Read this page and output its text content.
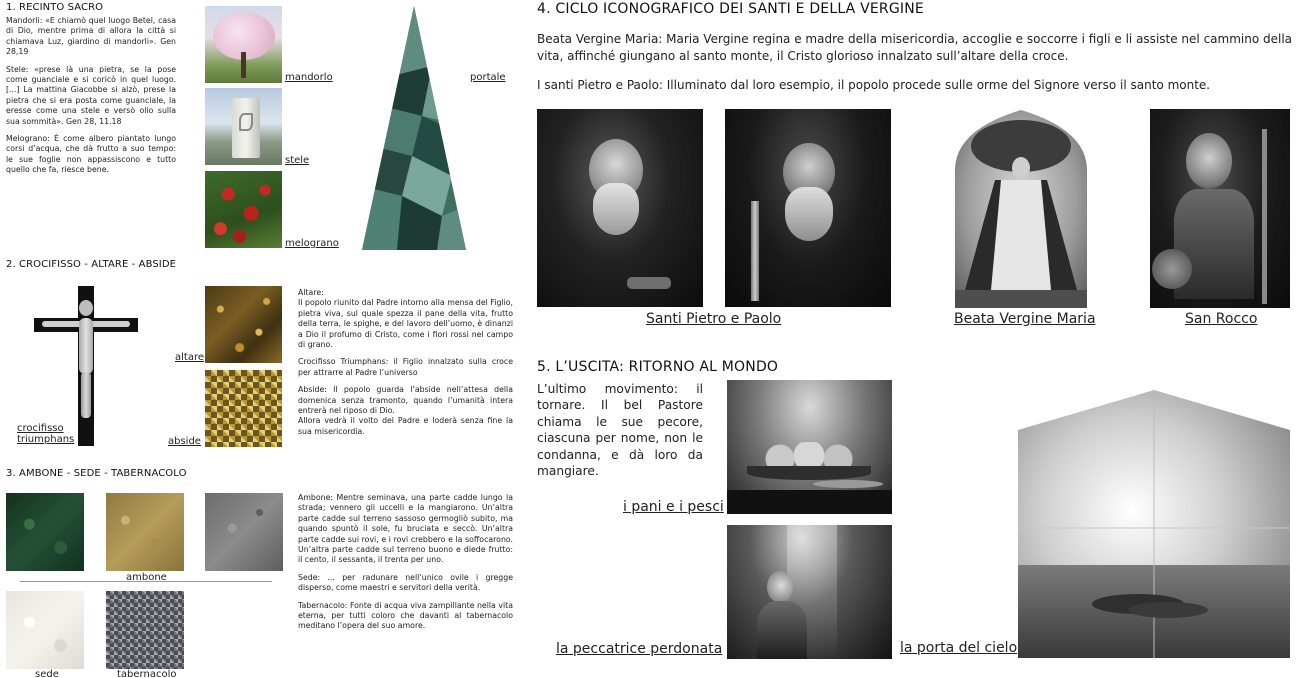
1. RECINTO SACRO
Mandorli: «E chiamò quel luogo Betel, casa di Dio, mentre prima di allora la città si chiamava Luz, giardino di mandorli». Gen 28,19
Stele: «prese là una pietra, se la pose come guanciale e si coricò in quel luogo. [...] La mattina Giacobbe si alzò, prese la pietra che si era posta come guanciale, la eresse come una stele e versò olio sulla sua sommità». Gen 28, 11.18
Melograno: È come albero piantato lungo corsi d’acqua, che dà frutto a suo tempo: le sue foglie non appassiscono e tutto quello che fa, riesce bene.
mandorlo
stele
melograno
portale
2. CROCIFISSO - ALTARE - ABSIDE
crocifisso
triumphans
altare
abside
Altare:
Il popolo riunito dal Padre intorno alla mensa del Figlio, pietra viva, sul quale spezza il pane della vita, frutto della terra, le spighe, e del lavoro dell’uomo, è dinanzi a Dio il profumo di Cristo, come i fiori rossi nel campo di grano.
Crocifisso Triumphans: il Figlio innalzato sulla croce per attrarre al Padre l’universo
Abside: Il popolo guarda l’abside nell’attesa della domenica senza tramonto, quando l’umanità intera entrerà nel riposo di Dio.
Allora vedrà il volto del Padre e loderà senza fine la sua misericordia.
3. AMBONE - SEDE - TABERNACOLO
ambone
sede	tabernacolo
Ambone: Mentre seminava, una parte cadde lungo la strada; vennero gli uccelli e la mangiarono. Un’altra parte cadde sul terreno sassoso germogliò subito, ma quando spuntò il sole, fu bruciata e seccò. Un’altra parte cadde sui rovi, e i rovi crebbero e la soffocarono. Un’altra parte cadde sul terreno buono e diede frutto: il cento, il sessanta, il trenta per uno.
Sede: ... per radunare nell’unico ovile i gregge disperso, come maestri e servitori della verità.
Tabernacolo: Fonte di acqua viva zampillante nella vita eterna, per tutti coloro che davanti al tabernacolo meditano l’opera del suo amore.
4. CICLO ICONOGRAFICO DEI SANTI E DELLA VERGINE
Beata Vergine Maria: Maria Vergine regina e madre della misericordia, accoglie e soccorre i figli e li assiste nel cammino della vita, affinché giungano al santo monte, il Cristo glorioso innalzato sull’altare della croce.
I santi Pietro e Paolo: Illuminato dal loro esempio, il popolo procede sulle orme del Signore verso il santo monte.
Santi Pietro e Paolo	Beata Vergine Maria	San Rocco
5. L’USCITA: RITORNO AL MONDO
L’ultimo movimento: il tornare. Il bel Pastore chiama le sue pecore, ciascuna per nome, non le condanna, e dà loro da mangiare.
i pani e i pesci
la peccatrice perdonata	la porta del cielo
